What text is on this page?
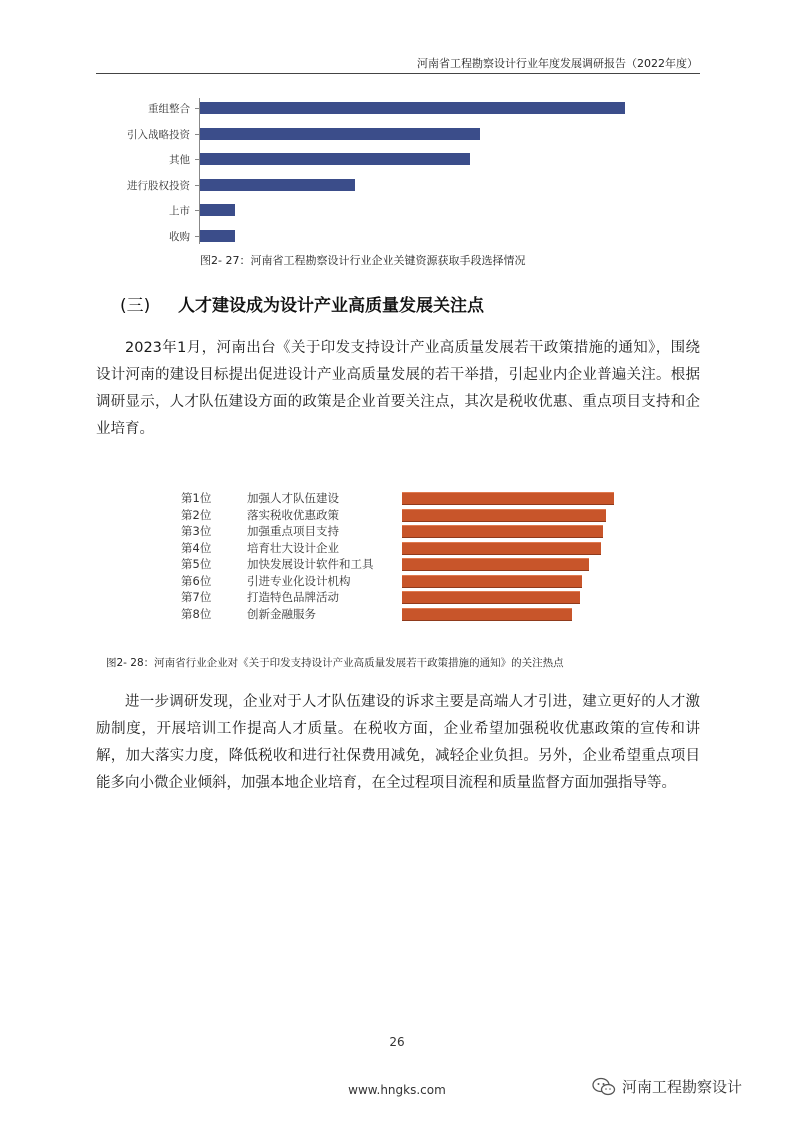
河南省工程勘察设计行业年度发展调研报告（2022年度）
重组整合
引入战略投资
其他
进行股权投资
上市
收购
图2- 27：河南省工程勘察设计行业企业关键资源获取手段选择情况
(三) 人才建设成为设计产业高质量发展关注点

2023年1月，河南出台《关于印发支持设计产业高质量发展若干政策措施的通知》，围绕设计河南的建设目标提出促进设计产业高质量发展的若干举措，引起业内企业普遍关注。根据调研显示，人才队伍建设方面的政策是企业首要关注点，其次是税收优惠、重点项目支持和企业培育。

第1位	加强人才队伍建设
第2位	落实税收优惠政策
第3位	加强重点项目支持
第4位	培育壮大设计企业
第5位	加快发展设计软件和工具
第6位	引进专业化设计机构
第7位	打造特色品牌活动
第8位	创新金融服务
图2- 28：河南省行业企业对《关于印发支持设计产业高质量发展若干政策措施的通知》的关注热点

进一步调研发现，企业对于人才队伍建设的诉求主要是高端人才引进，建立更好的人才激励制度，开展培训工作提高人才质量。在税收方面，企业希望加强税收优惠政策的宣传和讲解，加大落实力度，降低税收和进行社保费用减免，减轻企业负担。另外，企业希望重点项目能多向小微企业倾斜，加强本地企业培育，在全过程项目流程和质量监督方面加强指导等。

26
www.hngks.com	河南工程勘察设计
